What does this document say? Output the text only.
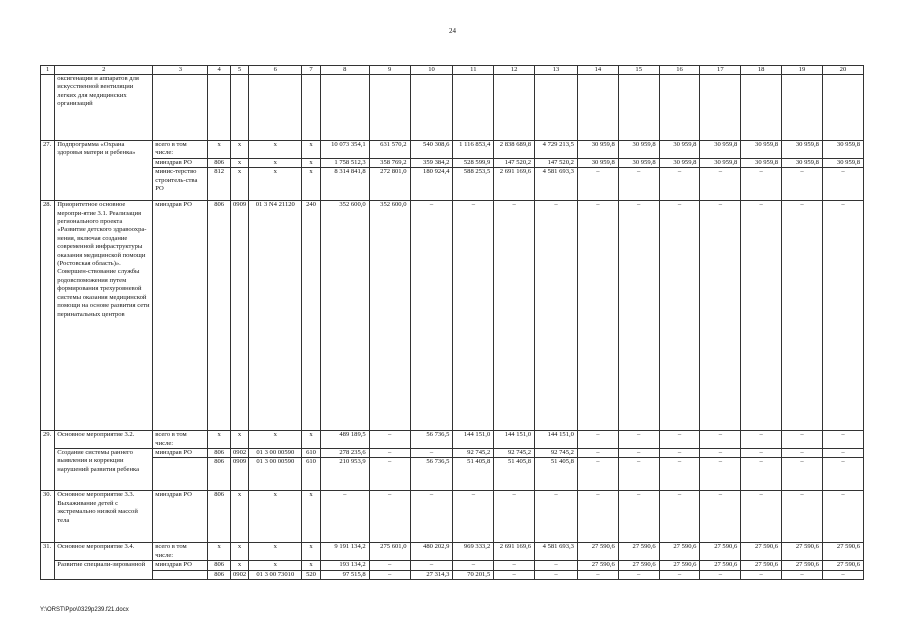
24
1	2	3	4	5	6	7	8	9	10	11	12	13	14	15	16	17	18	19	20
	оксигенации и аппаратов для искусственной вентиляции легких для медицинских организаций																		
27.	Подпрограмма «Охрана здоровья матери и ребенка»	всего в том числе:	x	x	x	x	10 073 354,1	631 570,2	540 308,6	1 116 853,4	2 838 689,8	4 729 213,5	30 959,8	30 959,8	30 959,8	30 959,8	30 959,8	30 959,8	30 959,8
		минздрав РО	806	x	x	x	1 758 512,3	358 769,2	359 384,2	528 599,9	147 520,2	147 520,2	30 959,8	30 959,8	30 959,8	30 959,8	30 959,8	30 959,8	30 959,8
		минис-терство строитель-ства РО	812	x	x	x	8 314 841,8	272 801,0	180 924,4	588 253,5	2 691 169,6	4 581 693,3	–	–	–	–	–	–	–
28.	Приоритетное основное меропри-ятие 3.1. Реализация регионального проекта «Развитие детского здравоохра-нения, включая создание современной инфраструктуры оказания медицинской помощи (Ростовская область)». Совершен-ствование службы родовспоможения путем формирования трехуровневой системы оказания медицинской помощи на основе развития сети перинатальных центров	минздрав РО	806	0909	01 3 N4 21120	240	352 600,0	352 600,0	–	–	–	–	–	–	–	–	–	–	–
29.	Основное мероприятие 3.2.	всего в том числе:	x	x	x	x	489 189,5	–	56 736,5	144 151,0	144 151,0	144 151,0	–	–	–	–	–	–	–
	Создание системы раннего выявления и коррекции нарушений развития ребенка	минздрав РО	806	0902	01 3 00 00590	610	278 235,6	–	–	92 745,2	92 745,2	92 745,2	–	–	–	–	–	–	–
			806	0909	01 3 00 00590	610	210 953,9	–	56 736,5	51 405,8	51 405,8	51 405,8	–	–	–	–	–	–	–
30.	Основное мероприятие 3.3. Выхаживание детей с экстремально низкой массой тела	минздрав РО	806	x	x	x	–	–	–	–	–	–	–	–	–	–	–	–	–
31.	Основное мероприятие 3.4.	всего в том числе:	x	x	x	x	9 191 134,2	275 601,0	480 202,9	969 333,2	2 691 169,6	4 581 693,3	27 590,6	27 590,6	27 590,6	27 590,6	27 590,6	27 590,6	27 590,6
	Развитие специали-зированной	минздрав РО	806	x	x	x	193 134,2	–	–	–	–	–	27 590,6	27 590,6	27 590,6	27 590,6	27 590,6	27 590,6	27 590,6
			806	0902	01 3 00 73010	520	97 515,8	–	27 314,3	70 201,5	–	–	–	–	–	–	–	–	–
Y:\ORST\Ppo\0329p239.f21.docx
